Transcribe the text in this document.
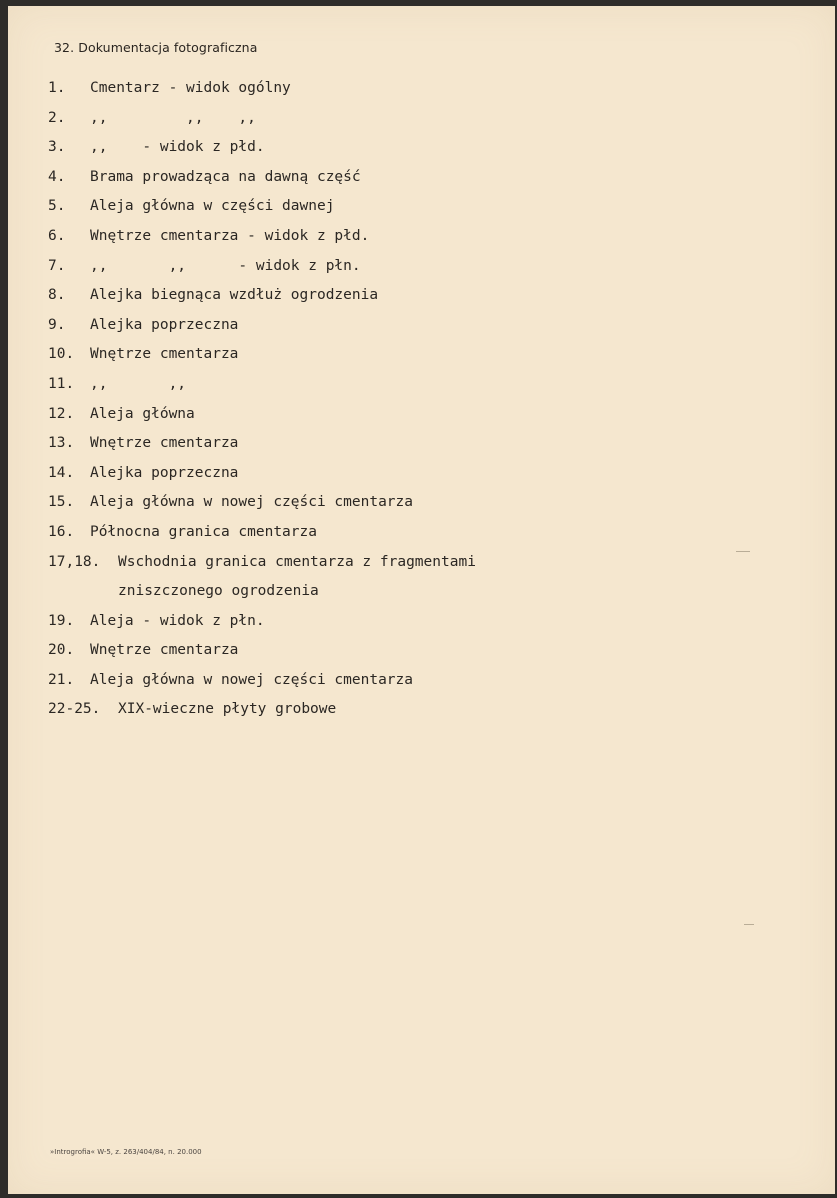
32. Dokumentacja fotograficzna
1.	Cmentarz - widok ogólny
2.	,,         ,,    ,,
3.	,,    - widok z płd.
4.	Brama prowadząca na dawną część
5.	Aleja główna w części dawnej
6.	Wnętrze cmentarza - widok z płd.
7.	,,       ,,      - widok z płn.
8.	Alejka biegnąca wzdłuż ogrodzenia
9.	Alejka poprzeczna
10.	Wnętrze cmentarza
11.	,,       ,,
12.	Aleja główna
13.	Wnętrze cmentarza
14.	Alejka poprzeczna
15.	Aleja główna w nowej części cmentarza
16.	Północna granica cmentarza
17,18. Wschodnia granica cmentarza z fragmentami
zniszczonego ogrodzenia
19.	Aleja - widok z płn.
20.	Wnętrze cmentarza
21.	Aleja główna w nowej części cmentarza
22-25. XIX-wieczne płyty grobowe
»Introgrofia« W-5, z. 263/404/84, n. 20.000
